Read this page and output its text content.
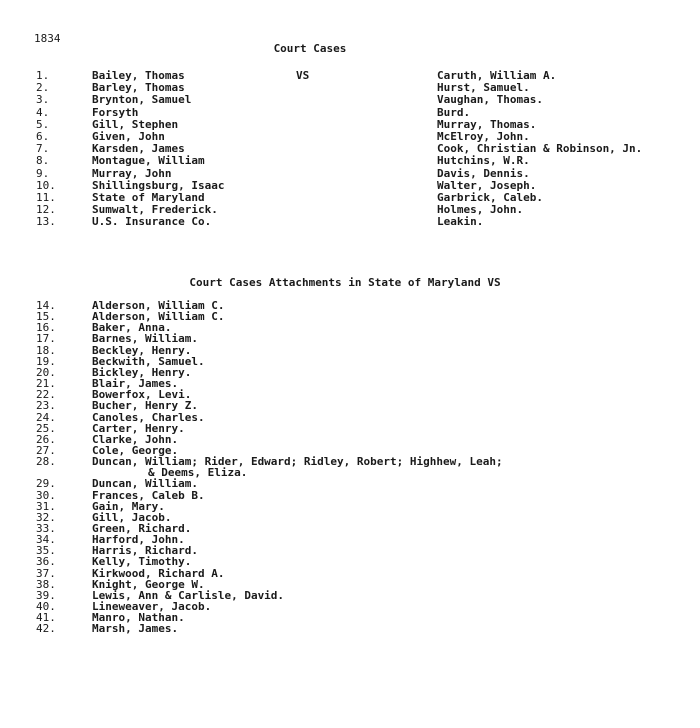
1834
Court Cases
1.	Bailey, Thomas	VS	Caruth, William A.
2.	Barley, Thomas	Hurst, Samuel.
3.	Brynton, Samuel	Vaughan, Thomas.
4.	Forsyth	Burd.
5.	Gill, Stephen	Murray, Thomas.
6.	Given, John	McElroy, John.
7.	Karsden, James	Cook, Christian & Robinson, Jn.
8.	Montague, William	Hutchins, W.R.
9.	Murray, John	Davis, Dennis.
10.	Shillingsburg, Isaac	Walter, Joseph.
11.	State of Maryland	Garbrick, Caleb.
12.	Sumwalt, Frederick.	Holmes, John.
13.	U.S. Insurance Co.	Leakin.
Court Cases Attachments in State of Maryland VS
14.	Alderson, William C.
15.	Alderson, William C.
16.	Baker, Anna.
17.	Barnes, William.
18.	Beckley, Henry.
19.	Beckwith, Samuel.
20.	Bickley, Henry.
21.	Blair, James.
22.	Bowerfox, Levi.
23.	Bucher, Henry Z.
24.	Canoles, Charles.
25.	Carter, Henry.
26.	Clarke, John.
27.	Cole, George.
28.	Duncan, William; Rider, Edward; Ridley, Robert; Highhew, Leah;
& Deems, Eliza.
29.	Duncan, William.
30.	Frances, Caleb B.
31.	Gain, Mary.
32.	Gill, Jacob.
33.	Green, Richard.
34.	Harford, John.
35.	Harris, Richard.
36.	Kelly, Timothy.
37.	Kirkwood, Richard A.
38.	Knight, George W.
39.	Lewis, Ann & Carlisle, David.
40.	Lineweaver, Jacob.
41.	Manro, Nathan.
42.	Marsh, James.
